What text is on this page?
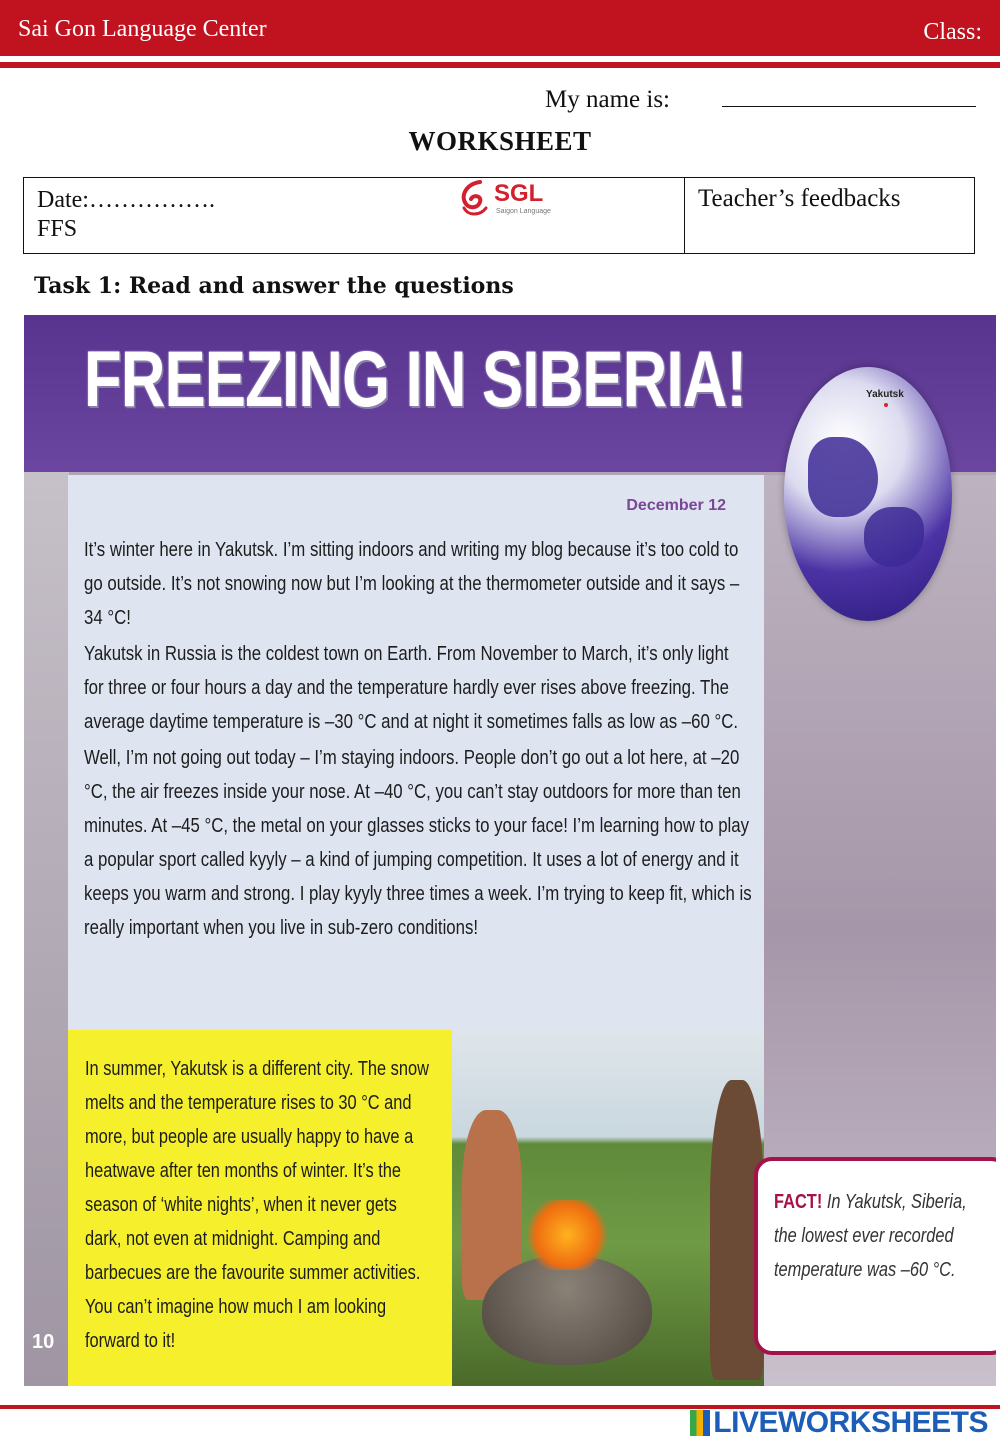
Sai Gon Language Center	Class:
My name is:
WORKSHEET
Date:…………….
FFS
SGL
Saigon Language	Teacher’s feedbacks
Task 1: Read and answer the questions
FREEZING IN SIBERIA!	Yakutsk
December 12

It’s winter here in Yakutsk. I’m sitting indoors and writing my blog because it’s too cold to go outside. It’s not snowing now but I’m looking at the thermometer outside and it says –34 °C!

Yakutsk in Russia is the coldest town on Earth. From November to March, it’s only light for three or four hours a day and the temperature hardly ever rises above freezing. The average daytime temperature is –30 °C and at night it sometimes falls as low as –60 °C.

Well, I’m not going out today – I’m staying indoors. People don’t go out a lot here, at –20 °C, the air freezes inside your nose. At –40 °C, you can’t stay outdoors for more than ten minutes. At –45 °C, the metal on your glasses sticks to your face! I’m learning how to play a popular sport called kyyly – a kind of jumping competition. It uses a lot of energy and it keeps you warm and strong. I play kyyly three times a week. I’m trying to keep fit, which is really important when you live in sub-zero conditions!

In summer, Yakutsk is a different city. The snow melts and the temperature rises to 30 °C and more, but people are usually happy to have a heatwave after ten months of winter. It’s the season of ‘white nights’, when it never gets dark, not even at midnight. Camping and barbecues are the favourite summer activities. You can’t imagine how much I am looking forward to it!

10

FACT! In Yakutsk, Siberia, the lowest ever recorded temperature was –60 °C.

LIVEWORKSHEETS
